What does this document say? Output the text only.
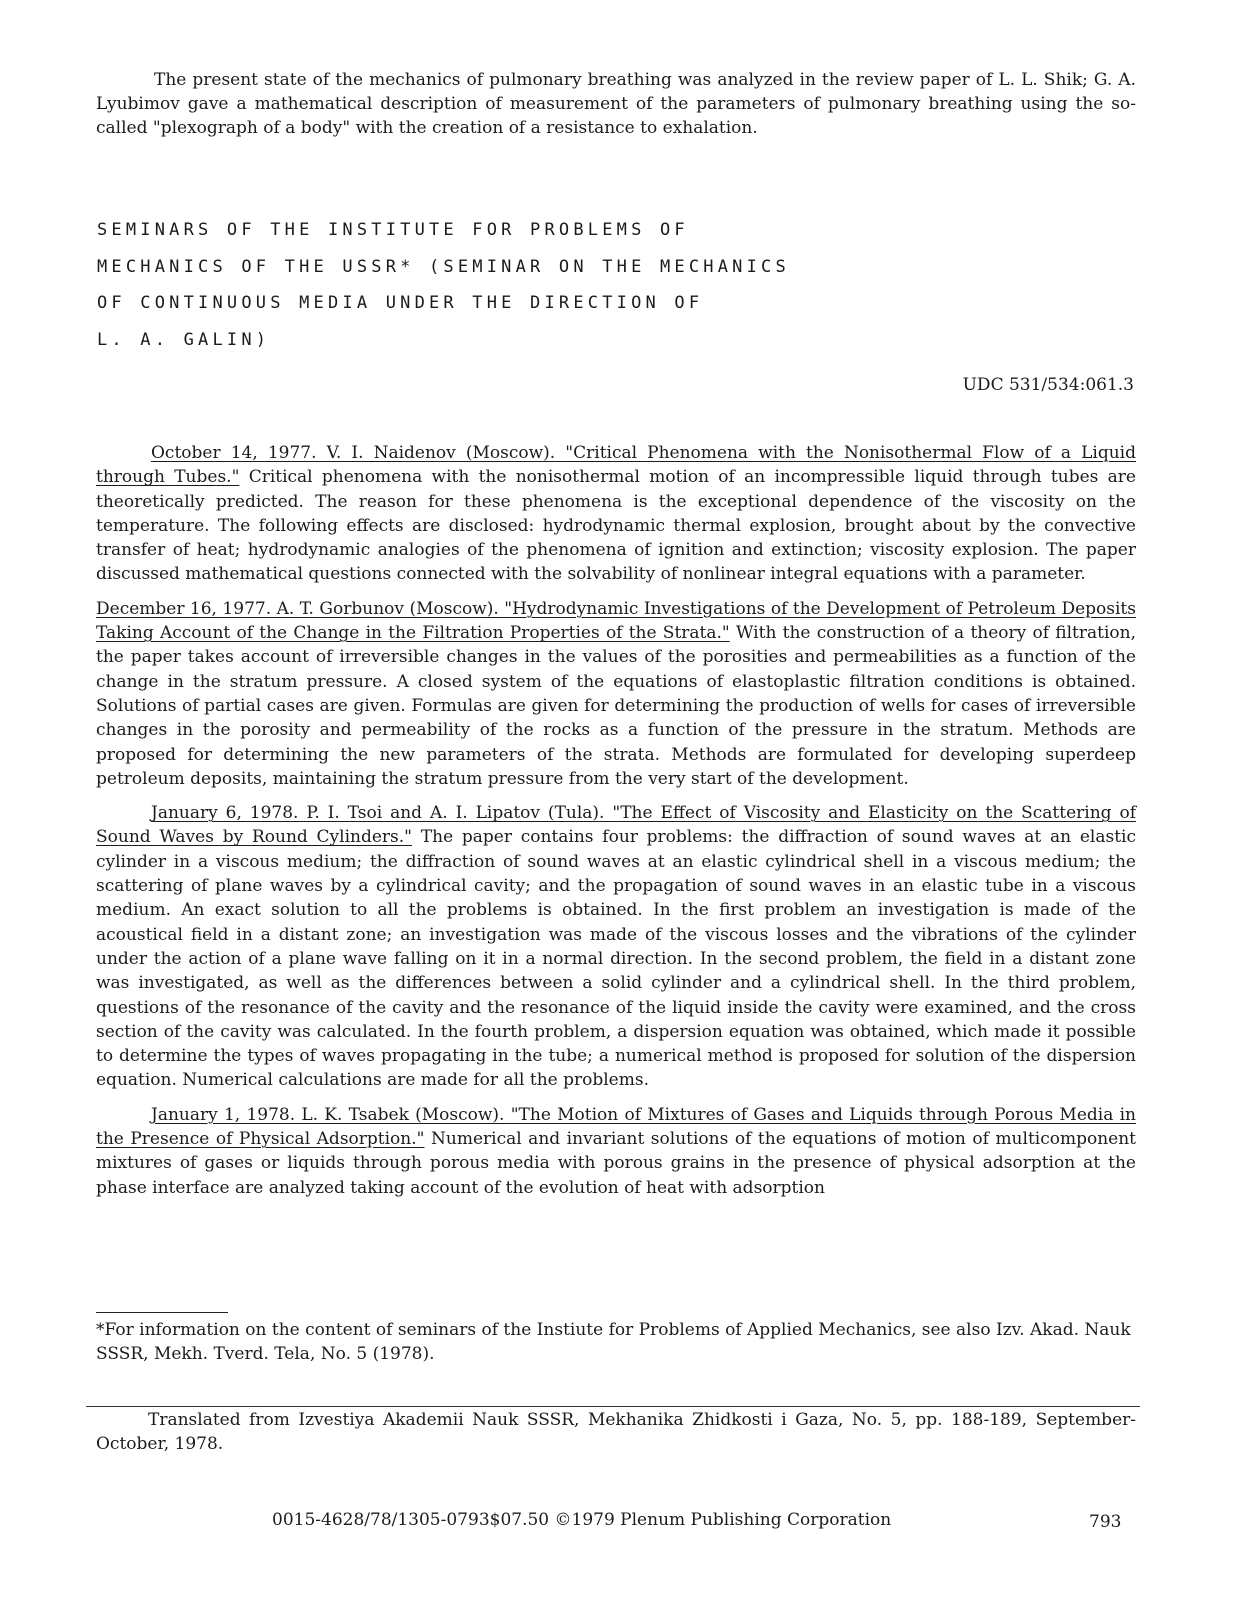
The present state of the mechanics of pulmonary breathing was analyzed in the review paper of L. L. Shik; G. A. Lyubimov gave a mathematical description of measurement of the parameters of pulmonary breathing using the so-called "plexograph of a body" with the creation of a resistance to exhalation.

SEMINARS OF THE INSTITUTE FOR PROBLEMS OF
MECHANICS OF THE USSR* (SEMINAR ON THE MECHANICS
OF CONTINUOUS MEDIA UNDER THE DIRECTION OF
L. A. GALIN)
UDC 531/534:061.3

October 14, 1977. V. I. Naidenov (Moscow). "Critical Phenomena with the Nonisothermal Flow of a Liquid through Tubes." Critical phenomena with the nonisothermal motion of an incompressible liquid through tubes are theoretically predicted. The reason for these phenomena is the exceptional dependence of the viscosity on the temperature. The following effects are disclosed: hydrodynamic thermal explosion, brought about by the convective transfer of heat; hydrodynamic analogies of the phenomena of ignition and extinction; viscosity explosion. The paper discussed mathematical questions connected with the solvability of nonlinear integral equations with a parameter.

December 16, 1977. A. T. Gorbunov (Moscow). "Hydrodynamic Investigations of the Development of Petroleum Deposits Taking Account of the Change in the Filtration Properties of the Strata." With the construction of a theory of filtration, the paper takes account of irreversible changes in the values of the porosities and permeabilities as a function of the change in the stratum pressure. A closed system of the equations of elastoplastic filtration conditions is obtained. Solutions of partial cases are given. Formulas are given for determining the production of wells for cases of irreversible changes in the porosity and permeability of the rocks as a function of the pressure in the stratum. Methods are proposed for determining the new parameters of the strata. Methods are formulated for developing superdeep petroleum deposits, maintaining the stratum pressure from the very start of the development.

January 6, 1978. P. I. Tsoi and A. I. Lipatov (Tula). "The Effect of Viscosity and Elasticity on the Scattering of Sound Waves by Round Cylinders." The paper contains four problems: the diffraction of sound waves at an elastic cylinder in a viscous medium; the diffraction of sound waves at an elastic cylindrical shell in a viscous medium; the scattering of plane waves by a cylindrical cavity; and the propagation of sound waves in an elastic tube in a viscous medium. An exact solution to all the problems is obtained. In the first problem an investigation is made of the acoustical field in a distant zone; an investigation was made of the viscous losses and the vibrations of the cylinder under the action of a plane wave falling on it in a normal direction. In the second problem, the field in a distant zone was investigated, as well as the differences between a solid cylinder and a cylindrical shell. In the third problem, questions of the resonance of the cavity and the resonance of the liquid inside the cavity were examined, and the cross section of the cavity was calculated. In the fourth problem, a dispersion equation was obtained, which made it possible to determine the types of waves propagating in the tube; a numerical method is proposed for solution of the dispersion equation. Numerical calculations are made for all the problems.

January 1, 1978. L. K. Tsabek (Moscow). "The Motion of Mixtures of Gases and Liquids through Porous Media in the Presence of Physical Adsorption." Numerical and invariant solutions of the equations of motion of multicomponent mixtures of gases or liquids through porous media with porous grains in the presence of physical adsorption at the phase interface are analyzed taking account of the evolution of heat with adsorption

*For information on the content of seminars of the Instiute for Problems of Applied Mechanics, see also Izv. Akad. Nauk SSSR, Mekh. Tverd. Tela, No. 5 (1978).
Translated from Izvestiya Akademii Nauk SSSR, Mekhanika Zhidkosti i Gaza, No. 5, pp. 188-189, September-October, 1978.
0015-4628/78/1305-0793$07.50 ©1979 Plenum Publishing Corporation	793
